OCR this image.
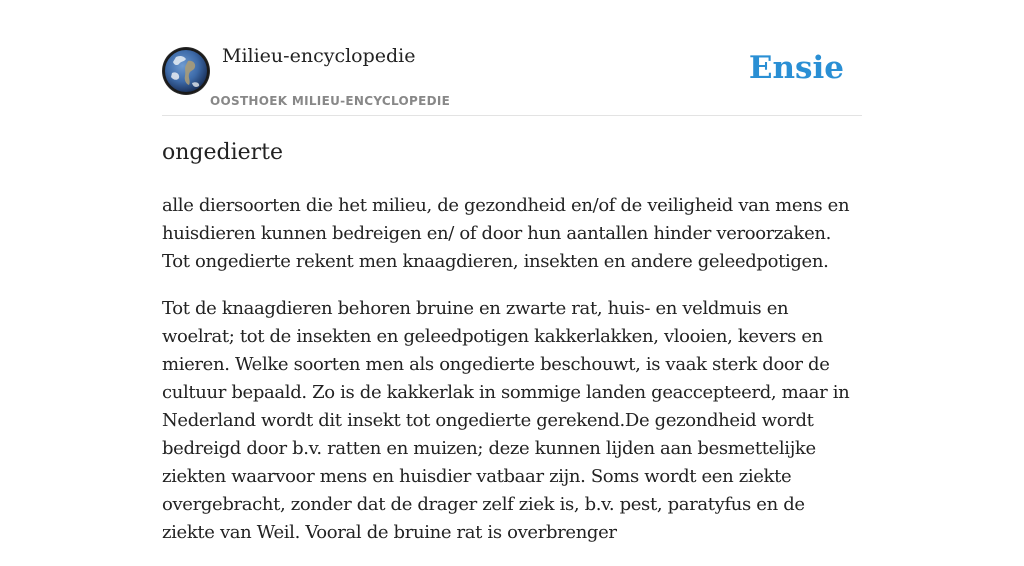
Milieu-encyclopedie
OOSTHOEK MILIEU-ENCYCLOPEDIE
Ensie
ongedierte

alle diersoorten die het milieu, de gezondheid en/of de veiligheid van mens en huisdieren kunnen bedreigen en/ of door hun aantallen hinder veroorzaken. Tot ongedierte rekent men knaagdieren, insekten en andere geleedpotigen.

Tot de knaagdieren behoren bruine en zwarte rat, huis- en veldmuis en woelrat; tot de insekten en geleedpotigen kakkerlakken, vlooien, kevers en mieren. Welke soorten men als ongedierte beschouwt, is vaak sterk door de cultuur bepaald. Zo is de kakkerlak in sommige landen geaccepteerd, maar in Nederland wordt dit insekt tot ongedierte gerekend.De gezondheid wordt bedreigd door b.v. ratten en muizen; deze kunnen lijden aan besmettelijke ziekten waarvoor mens en huisdier vatbaar zijn. Soms wordt een ziekte overgebracht, zonder dat de drager zelf ziek is, b.v. pest, paratyfus en de ziekte van Weil. Vooral de bruine rat is overbrenger
